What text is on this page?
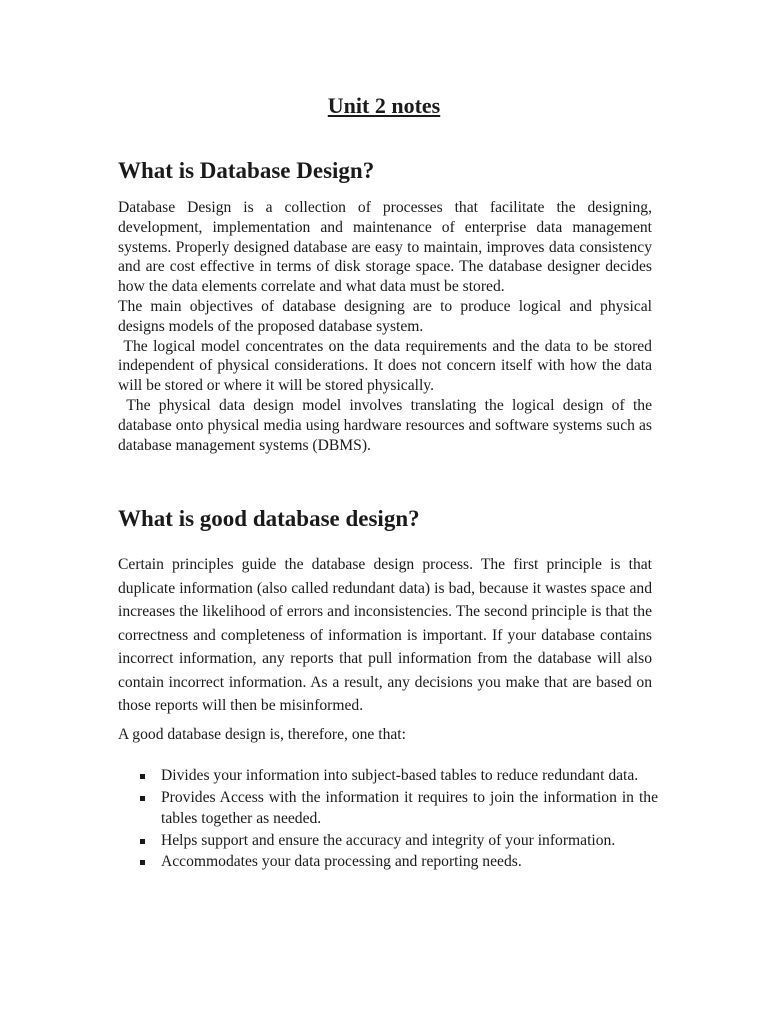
Unit 2 notes
What is Database Design?
Database Design is a collection of processes that facilitate the designing, development, implementation and maintenance of enterprise data management systems. Properly designed database are easy to maintain, improves data consistency and are cost effective in terms of disk storage space. The database designer decides how the data elements correlate and what data must be stored.
The main objectives of database designing are to produce logical and physical designs models of the proposed database system.
The logical model concentrates on the data requirements and the data to be stored independent of physical considerations. It does not concern itself with how the data will be stored or where it will be stored physically.
The physical data design model involves translating the logical design of the database onto physical media using hardware resources and software systems such as database management systems (DBMS).
What is good database design?

Certain principles guide the database design process. The first principle is that duplicate information (also called redundant data) is bad, because it wastes space and increases the likelihood of errors and inconsistencies. The second principle is that the correctness and completeness of information is important. If your database contains incorrect information, any reports that pull information from the database will also contain incorrect information. As a result, any decisions you make that are based on those reports will then be misinformed.

A good database design is, therefore, one that:

Divides your information into subject-based tables to reduce redundant data.
Provides Access with the information it requires to join the information in the tables together as needed.
Helps support and ensure the accuracy and integrity of your information.
Accommodates your data processing and reporting needs.
